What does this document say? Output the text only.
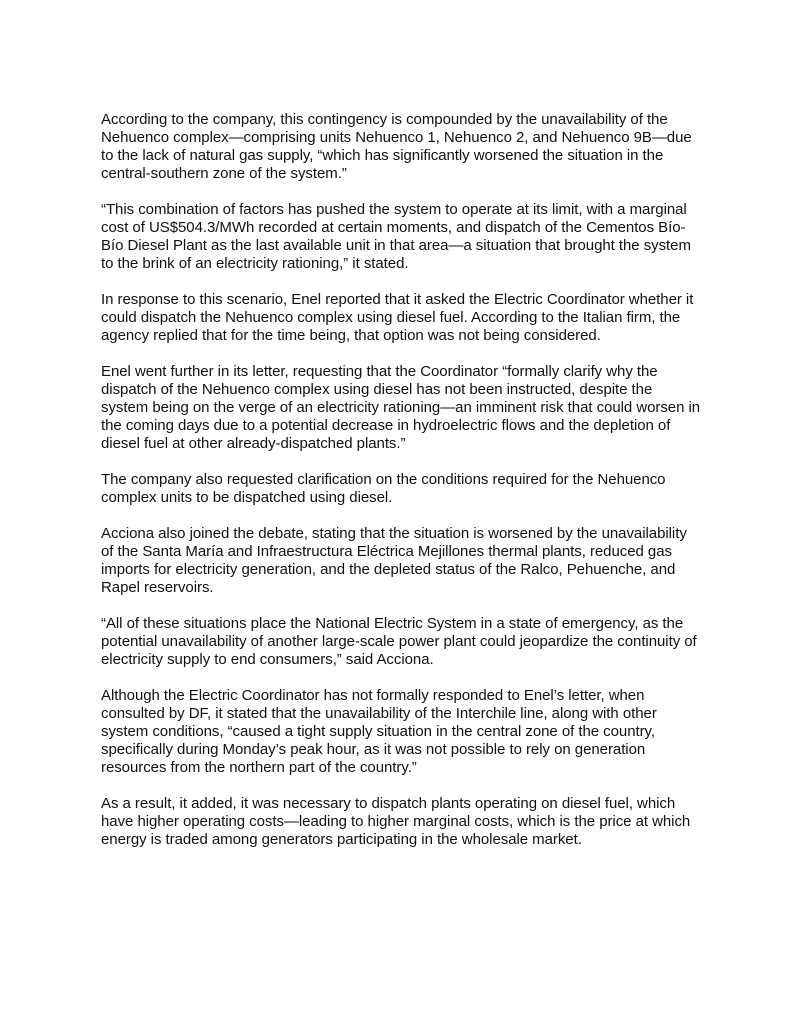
According to the company, this contingency is compounded by the unavailability of the Nehuenco complex—comprising units Nehuenco 1, Nehuenco 2, and Nehuenco 9B—due to the lack of natural gas supply, “which has significantly worsened the situation in the central-southern zone of the system.”

“This combination of factors has pushed the system to operate at its limit, with a marginal cost of US$504.3/MWh recorded at certain moments, and dispatch of the Cementos Bío-Bío Diesel Plant as the last available unit in that area—a situation that brought the system to the brink of an electricity rationing,” it stated.

In response to this scenario, Enel reported that it asked the Electric Coordinator whether it could dispatch the Nehuenco complex using diesel fuel. According to the Italian firm, the agency replied that for the time being, that option was not being considered.

Enel went further in its letter, requesting that the Coordinator “formally clarify why the dispatch of the Nehuenco complex using diesel has not been instructed, despite the system being on the verge of an electricity rationing—an imminent risk that could worsen in the coming days due to a potential decrease in hydroelectric flows and the depletion of diesel fuel at other already-dispatched plants.”

The company also requested clarification on the conditions required for the Nehuenco complex units to be dispatched using diesel.

Acciona also joined the debate, stating that the situation is worsened by the unavailability of the Santa María and Infraestructura Eléctrica Mejillones thermal plants, reduced gas imports for electricity generation, and the depleted status of the Ralco, Pehuenche, and Rapel reservoirs.

“All of these situations place the National Electric System in a state of emergency, as the potential unavailability of another large-scale power plant could jeopardize the continuity of electricity supply to end consumers,” said Acciona.

Although the Electric Coordinator has not formally responded to Enel’s letter, when consulted by DF, it stated that the unavailability of the Interchile line, along with other system conditions, “caused a tight supply situation in the central zone of the country, specifically during Monday’s peak hour, as it was not possible to rely on generation resources from the northern part of the country.”

As a result, it added, it was necessary to dispatch plants operating on diesel fuel, which have higher operating costs—leading to higher marginal costs, which is the price at which energy is traded among generators participating in the wholesale market.
